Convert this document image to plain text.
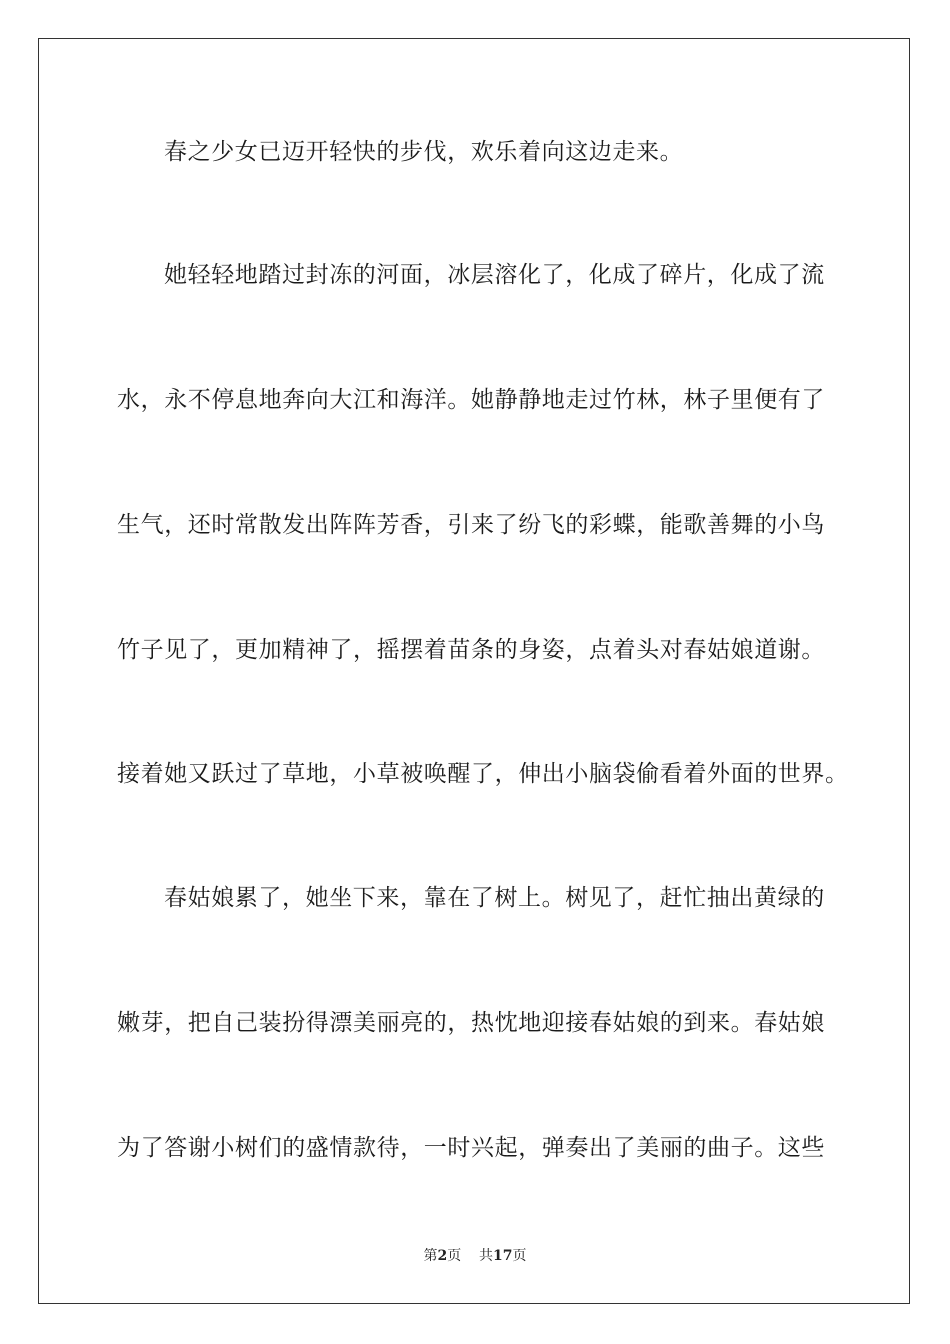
春之少女已迈开轻快的步伐，欢乐着向这边走来。
她轻轻地踏过封冻的河面，冰层溶化了，化成了碎片，化成了流
水，永不停息地奔向大江和海洋。她静静地走过竹林，林子里便有了
生气，还时常散发出阵阵芳香，引来了纷飞的彩蝶，能歌善舞的小鸟
竹子见了，更加精神了，摇摆着苗条的身姿，点着头对春姑娘道谢。
接着她又跃过了草地，小草被唤醒了，伸出小脑袋偷看着外面的世界。
春姑娘累了，她坐下来，靠在了树上。树见了，赶忙抽出黄绿的
嫩芽，把自己装扮得漂美丽亮的，热忱地迎接春姑娘的到来。春姑娘
为了答谢小树们的盛情款待，一时兴起，弹奏出了美丽的曲子。这些
第2页 共17页
